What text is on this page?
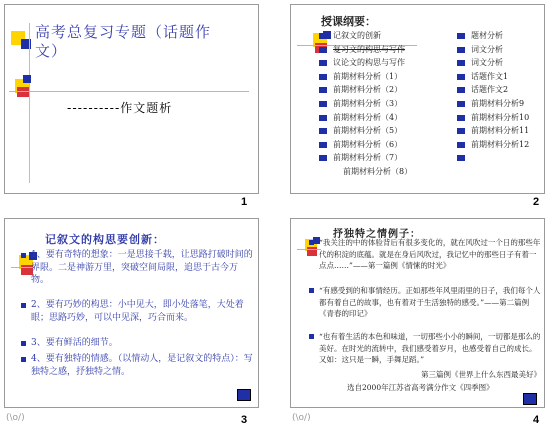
高考总复习专题（话题作文）
----------作文题析
1
授课纲要：
记叙文的创新
复习文的构思与写作
议论文的构思与写作
前期材料分析（1）
前期材料分析（2）
前期材料分析（3）
前期材料分析（4）
前期材料分析（5）
前期材料分析（6）
前期材料分析（7）
前期材料分析（8）
题材分析
词文分析
词文分析
话题作文1
话题作文2
前期材料分析9
前期材料分析10
前期材料分析11
前期材料分析12
2
记叙文的构思要创新：
1、要有奇特的想象：一是思接千载，让思路打破时间的界限。二是神游万里，突破空间局限，追思于古今万物。
2、要有巧妙的构思：小中见大，即小处落笔，大处着眼；思路巧妙，可以中见深，巧合而来。
3、要有鲜活的细节。
4、要有独特的情感。（以情动人，是记叙文的特点）：写独特之感，抒独特之情。
(\o/)	3
抒独特之情例子：
“我关注的中的体验背后有很多变化的，就在风吹过一个日的那些年代的积淀的底蕴。就是在身后风吹过，我记忆中的那些日子有着一点点……”——第一篇例《情愫的时光》
“有感受到的和事情经历。正如那些年风里雨里的日子，我们每个人都有着自己的故事，也有着对于生活独特的感受。”——第二篇例《青春的印记》
“也有着生活的本色和味道，一切那些小小的瞬间，一切都是那么的美好。在时光的流转中，我们感受着岁月，也感受着自己的成长。又如：这只是一瞬，手舞足蹈。”
第三篇例《世界上什么东西最美好》
选自2000年江苏省高考满分作文《四季图》
(\o/)	4
